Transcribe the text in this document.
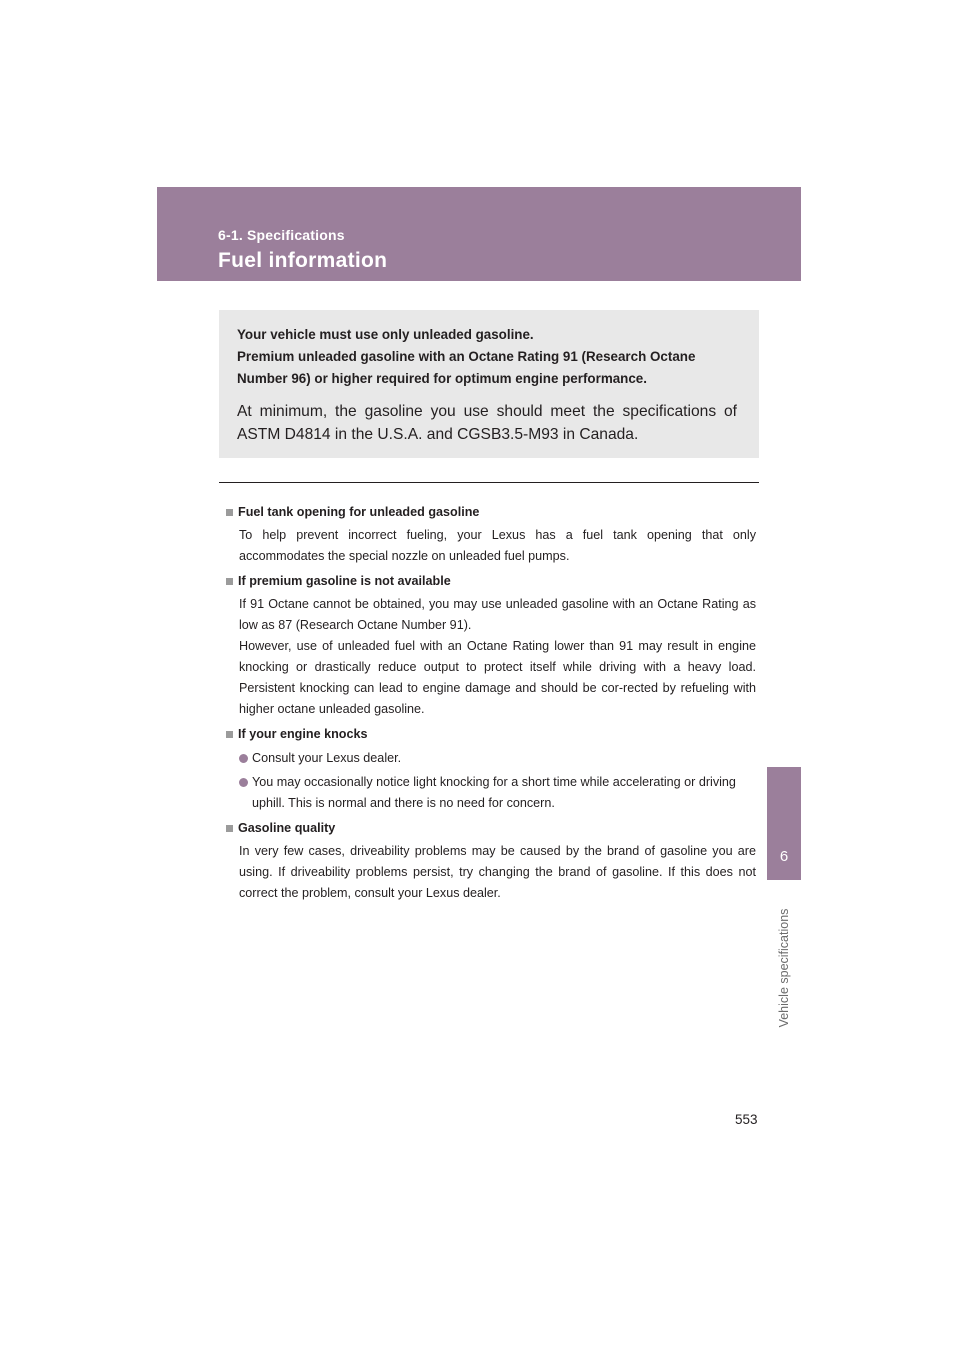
6-1. Specifications
Fuel information
6
Vehicle specifications
Your vehicle must use only unleaded gasoline.
Premium unleaded gasoline with an Octane Rating 91 (Research Octane
Number 96) or higher required for optimum engine performance.
At minimum, the gasoline you use should meet the specifications of ASTM D4814 in the U.S.A. and CGSB3.5-M93 in Canada.
Fuel tank opening for unleaded gasoline
To help prevent incorrect fueling, your Lexus has a fuel tank opening that only accommodates the special nozzle on unleaded fuel pumps.
If premium gasoline is not available
If 91 Octane cannot be obtained, you may use unleaded gasoline with an Octane Rating as low as 87 (Research Octane Number 91).
However, use of unleaded fuel with an Octane Rating lower than 91 may result in engine knocking or drastically reduce output to protect itself while driving with a heavy load. Persistent knocking can lead to engine damage and should be cor-rected by refueling with higher octane unleaded gasoline.
If your engine knocks
Consult your Lexus dealer.
You may occasionally notice light knocking for a short time while accelerating or driving uphill. This is normal and there is no need for concern.
Gasoline quality
In very few cases, driveability problems may be caused by the brand of gasoline you are using. If driveability problems persist, try changing the brand of gasoline. If this does not correct the problem, consult your Lexus dealer.
553
